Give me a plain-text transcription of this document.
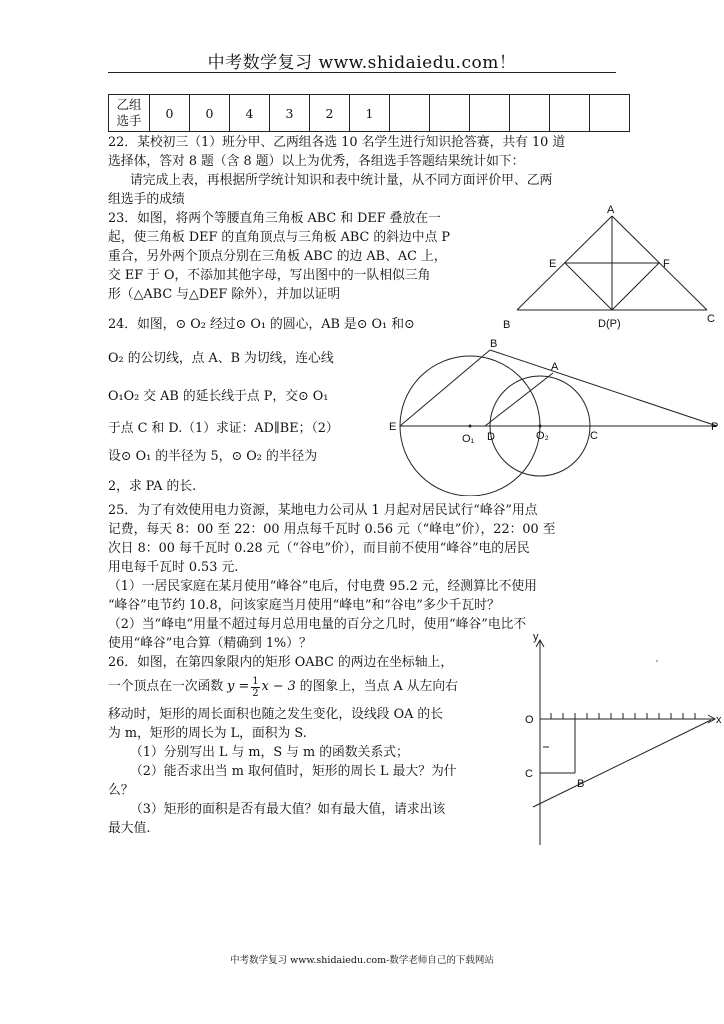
中考数学复习 www.shidaiedu.com！
乙组
选手	0	0	4	3	2	1						
22．某校初三（1）班分甲、乙两组各选 10 名学生进行知识抢答赛，共有 10 道
选择体，答对 8 题（含 8 题）以上为优秀，各组选手答题结果统计如下：
请完成上表，再根据所学统计知识和表中统计量，从不同方面评价甲、乙两
组选手的成绩
23．如图，将两个等腰直角三角板 ABC 和 DEF 叠放在一
起，使三角板 DEF 的直角顶点与三角板 ABC 的斜边中点 P
重合，另外两个顶点分别在三角板 ABC 的边 AB、AC 上，
交 EF 于 O，不添加其他字母，写出图中的一队相似三角
形（△ABC 与△DEF 除外），并加以证明
A
B	C
E	F
D(P)
24．如图，⊙ O₂ 经过⊙ O₁ 的圆心，AB 是⊙ O₁ 和⊙
O₂ 的公切线，点 A、B 为切线，连心线
O₁O₂ 交 AB 的延长线于点 P，交⊙ O₁
于点 C 和 D.（1）求证：AD∥BE；（2）
设⊙ O₁ 的半径为 5，⊙ O₂ 的半径为
2，求 PA 的长.
B
A
E
O₁ D	O₂	C
P
25．为了有效使用电力资源，某地电力公司从 1 月起对居民试行“峰谷”用点
记费，每天 8：00 至 22：00 用点每千瓦时 0.56 元（“峰电”价），22：00 至
次日 8：00 每千瓦时 0.28 元（“谷电”价），而目前不使用“峰谷”电的居民
用电每千瓦时 0.53 元.
（1）一居民家庭在某月使用“峰谷”电后，付电费 95.2 元，经测算比不使用
“峰谷”电节约 10.8，问该家庭当月使用“峰电”和“谷电”多少千瓦时？
（2）当“峰电”用量不超过每月总用电量的百分之几时，使用“峰谷”电比不
使用“峰谷”电合算（精确到 1%）？
26．如图，在第四象限内的矩形 OABC 的两边在坐标轴上，
一个顶点在一次函数 $y = \frac{1}{2}$ x − 3 的图象上，当点 A 从左向右
移动时，矩形的周长面积也随之发生变化，设线段 OA 的长
为 m，矩形的周长为 L，面积为 S.
（1）分别写出 L 与 m，S 与 m 的函数关系式；
（2）能否求出当 m 取何值时，矩形的周长 L 最大？为什
么？
（3）矩形的面积是否有最大值？如有最大值，请求出该
最大值.
y
x
O
C
B
中考数学复习 www.shidaiedu.com-数学老师自己的下载网站
